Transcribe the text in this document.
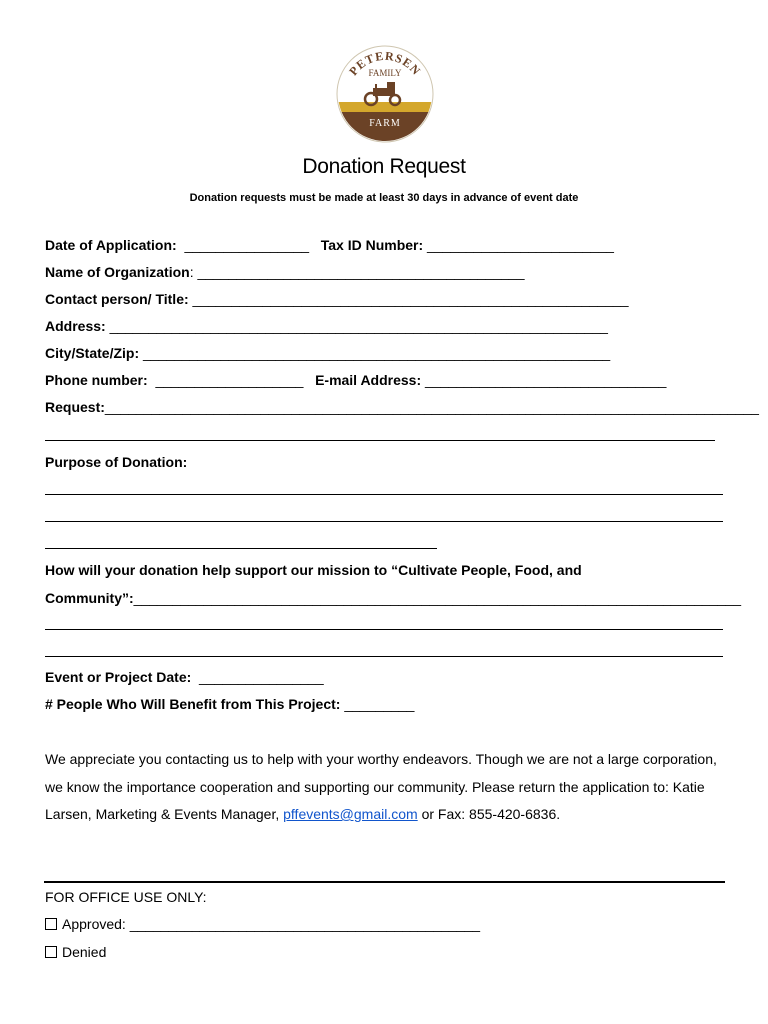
PETERSEN
FAMILY
FARM
Donation Request
Donation requests must be made at least 30 days in advance of event date
Date of Application:  ________________   Tax ID Number: ________________________
Name of Organization: __________________________________________
Contact person/ Title: ________________________________________________________
Address: ________________________________________________________________
City/State/Zip: ____________________________________________________________
Phone number:  ___________________   E-mail Address: _______________________________
Request:____________________________________________________________________________________
Purpose of Donation:
How will your donation help support our mission to “Cultivate People, Food, and
Community”:______________________________________________________________________________
Event or Project Date:  ________________
# People Who Will Benefit from This Project: _________
We appreciate you contacting us to help with your worthy endeavors. Though we are not a large corporation, we know the importance cooperation and supporting our community. Please return the application to: Katie Larsen, Marketing & Events Manager, pffevents@gmail.com or Fax: 855-420-6836.
FOR OFFICE USE ONLY:
Approved: _____________________________________________
Denied
